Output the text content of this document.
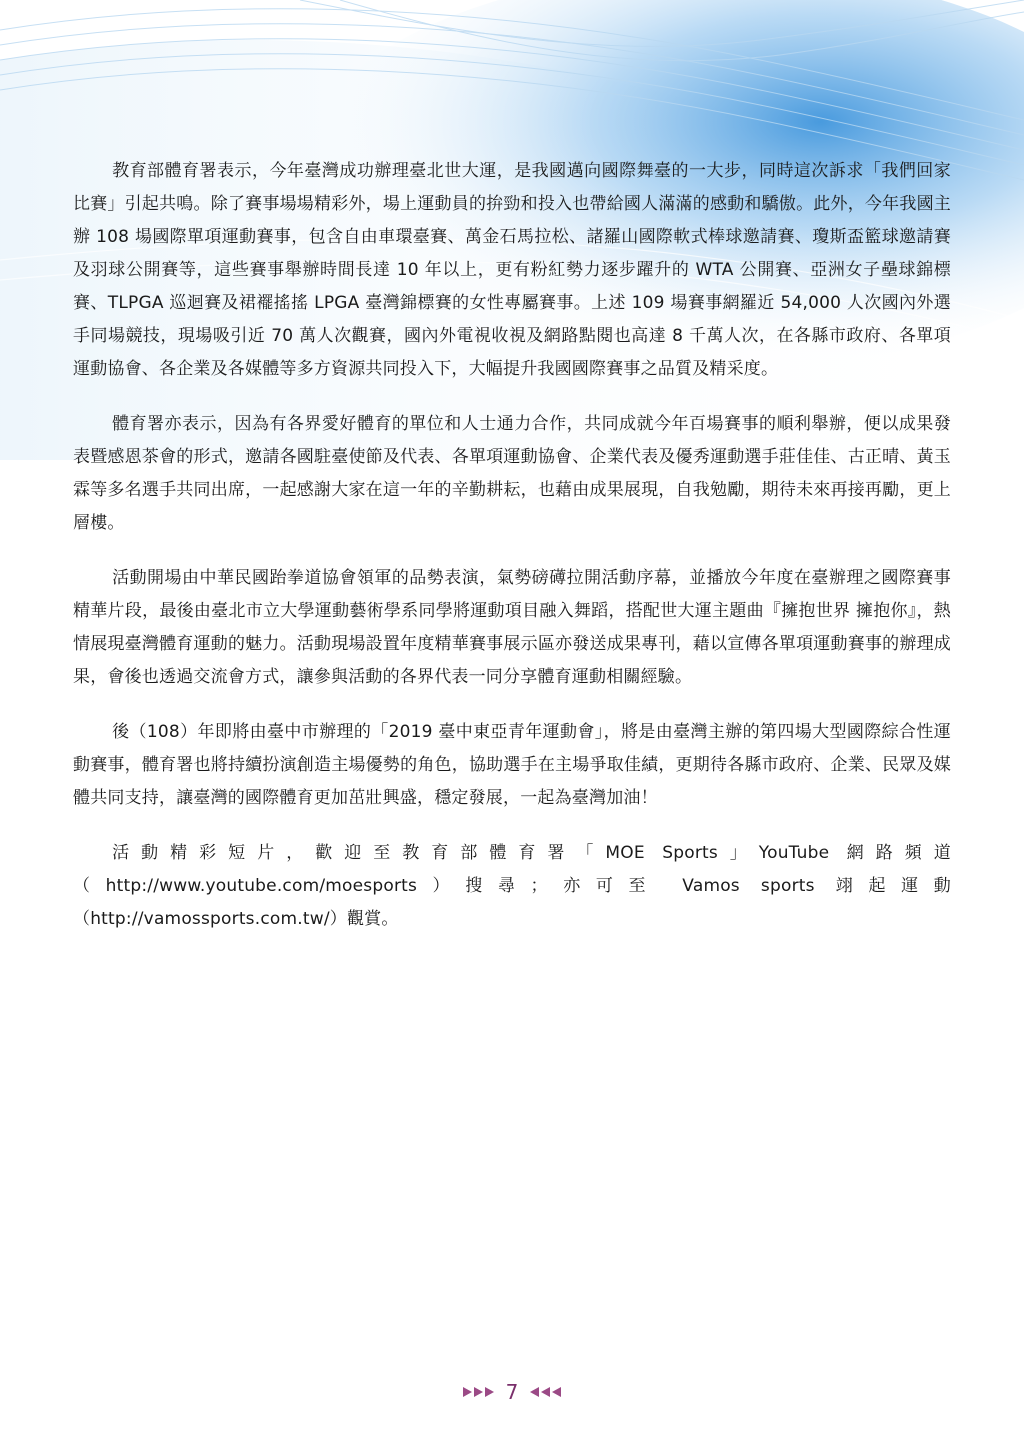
教育部體育署表示，今年臺灣成功辦理臺北世大運，是我國邁向國際舞臺的一大步，同時這次訴求「我們回家比賽」引起共鳴。除了賽事場場精彩外，場上運動員的拚勁和投入也帶給國人滿滿的感動和驕傲。此外，今年我國主辦 108 場國際單項運動賽事，包含自由車環臺賽、萬金石馬拉松、諸羅山國際軟式棒球邀請賽、瓊斯盃籃球邀請賽及羽球公開賽等，這些賽事舉辦時間長達 10 年以上，更有粉紅勢力逐步躍升的 WTA 公開賽、亞洲女子壘球錦標賽、TLPGA 巡迴賽及裙襬搖搖 LPGA 臺灣錦標賽的女性專屬賽事。上述 109 場賽事網羅近 54,000 人次國內外選手同場競技，現場吸引近 70 萬人次觀賽，國內外電視收視及網路點閱也高達 8 千萬人次，在各縣市政府、各單項運動協會、各企業及各媒體等多方資源共同投入下，大幅提升我國國際賽事之品質及精采度。

體育署亦表示，因為有各界愛好體育的單位和人士通力合作，共同成就今年百場賽事的順利舉辦，便以成果發表暨感恩茶會的形式，邀請各國駐臺使節及代表、各單項運動協會、企業代表及優秀運動選手莊佳佳、古正晴、黃玉霖等多名選手共同出席，一起感謝大家在這一年的辛勤耕耘，也藉由成果展現，自我勉勵，期待未來再接再勵，更上層樓。

活動開場由中華民國跆拳道協會領軍的品勢表演，氣勢磅礡拉開活動序幕，並播放今年度在臺辦理之國際賽事精華片段，最後由臺北市立大學運動藝術學系同學將運動項目融入舞蹈，搭配世大運主題曲『擁抱世界 擁抱你』，熱情展現臺灣體育運動的魅力。活動現場設置年度精華賽事展示區亦發送成果專刊，藉以宣傳各單項運動賽事的辦理成果，會後也透過交流會方式，讓參與活動的各界代表一同分享體育運動相關經驗。

後（108）年即將由臺中市辦理的「2019 臺中東亞青年運動會」，將是由臺灣主辦的第四場大型國際綜合性運動賽事，體育署也將持續扮演創造主場優勢的角色，協助選手在主場爭取佳績，更期待各縣市政府、企業、民眾及媒體共同支持，讓臺灣的國際體育更加茁壯興盛，穩定發展，一起為臺灣加油！

活動精彩短片，歡迎至教育部體育署「MOE Sports」YouTube 網路頻道（http://www.youtube.com/moesports）搜尋；亦可至 Vamos sports 翊起運動（http://vamossports.com.tw/）觀賞。

7
